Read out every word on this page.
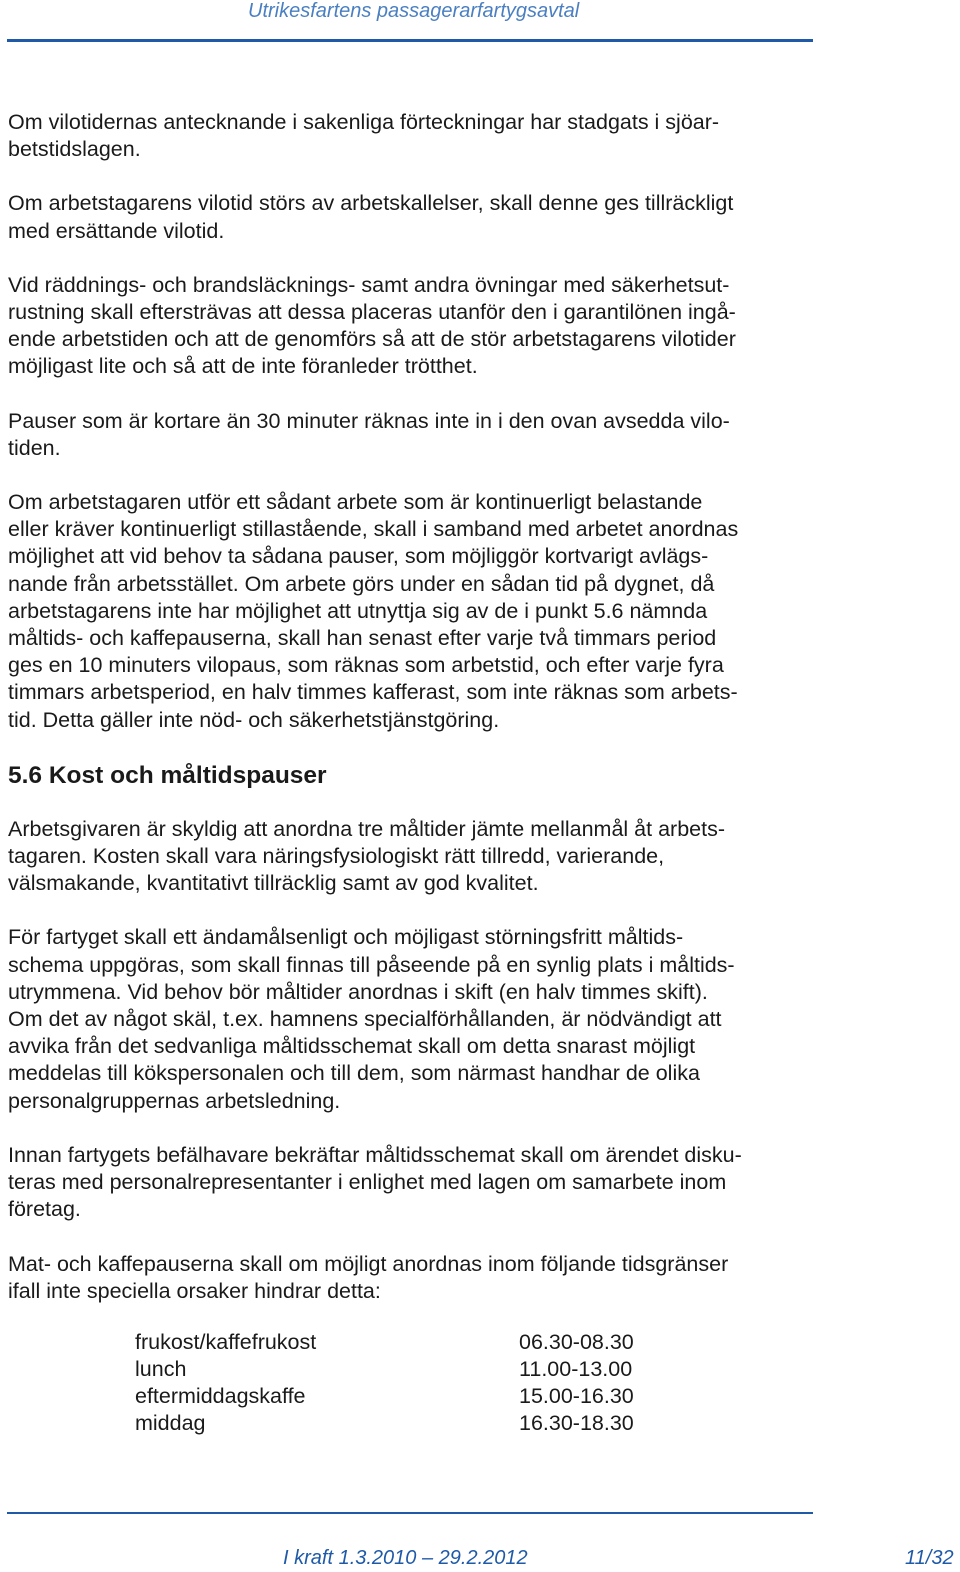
Utrikesfartens passagerarfartygsavtal

Om vilotidernas antecknande i sakenliga förteckningar har stadgats i sjöar-
betstidslagen.

Om arbetstagarens vilotid störs av arbetskallelser, skall denne ges tillräckligt
med ersättande vilotid.

Vid räddnings- och brandsläcknings- samt andra övningar med säkerhetsut-
rustning skall eftersträvas att dessa placeras utanför den i garantilönen ingå-
ende arbetstiden och att de genomförs så att de stör arbetstagarens vilotider
möjligast lite och så att de inte föranleder trötthet.

Pauser som är kortare än 30 minuter räknas inte in i den ovan avsedda vilo-
tiden.

Om arbetstagaren utför ett sådant arbete som är kontinuerligt belastande
eller kräver kontinuerligt stillastående, skall i samband med arbetet anordnas
möjlighet att vid behov ta sådana pauser, som möjliggör kortvarigt avlägs-
nande från arbetsstället. Om arbete görs under en sådan tid på dygnet, då
arbetstagarens inte har möjlighet att utnyttja sig av de i punkt 5.6 nämnda
måltids- och kaffepauserna, skall han senast efter varje två timmars period
ges en 10 minuters vilopaus, som räknas som arbetstid, och efter varje fyra
timmars arbetsperiod, en halv timmes kafferast, som inte räknas som arbets-
tid. Detta gäller inte nöd- och säkerhetstjänstgöring.

5.6 Kost och måltidspauser

Arbetsgivaren är skyldig att anordna tre måltider jämte mellanmål åt arbets-
tagaren. Kosten skall vara näringsfysiologiskt rätt tillredd, varierande,
välsmakande, kvantitativt tillräcklig samt av god kvalitet.

För fartyget skall ett ändamålsenligt och möjligast störningsfritt måltids-
schema uppgöras, som skall finnas till påseende på en synlig plats i måltids-
utrymmena. Vid behov bör måltider anordnas i skift (en halv timmes skift).
Om det av något skäl, t.ex. hamnens specialförhållanden, är nödvändigt att
avvika från det sedvanliga måltidsschemat skall om detta snarast möjligt
meddelas till kökspersonalen och till dem, som närmast handhar de olika
personalgruppernas arbetsledning.

Innan fartygets befälhavare bekräftar måltidsschemat skall om ärendet disku-
teras med personalrepresentanter i enlighet med lagen om samarbete inom
företag.

Mat- och kaffepauserna skall om möjligt anordnas inom följande tidsgränser
ifall inte speciella orsaker hindrar detta:

frukost/kaffefrukost	06.30-08.30
lunch	11.00-13.00
eftermiddagskaffe	15.00-16.30
middag	16.30-18.30
I kraft 1.3.2010 – 29.2.2012	11/32
